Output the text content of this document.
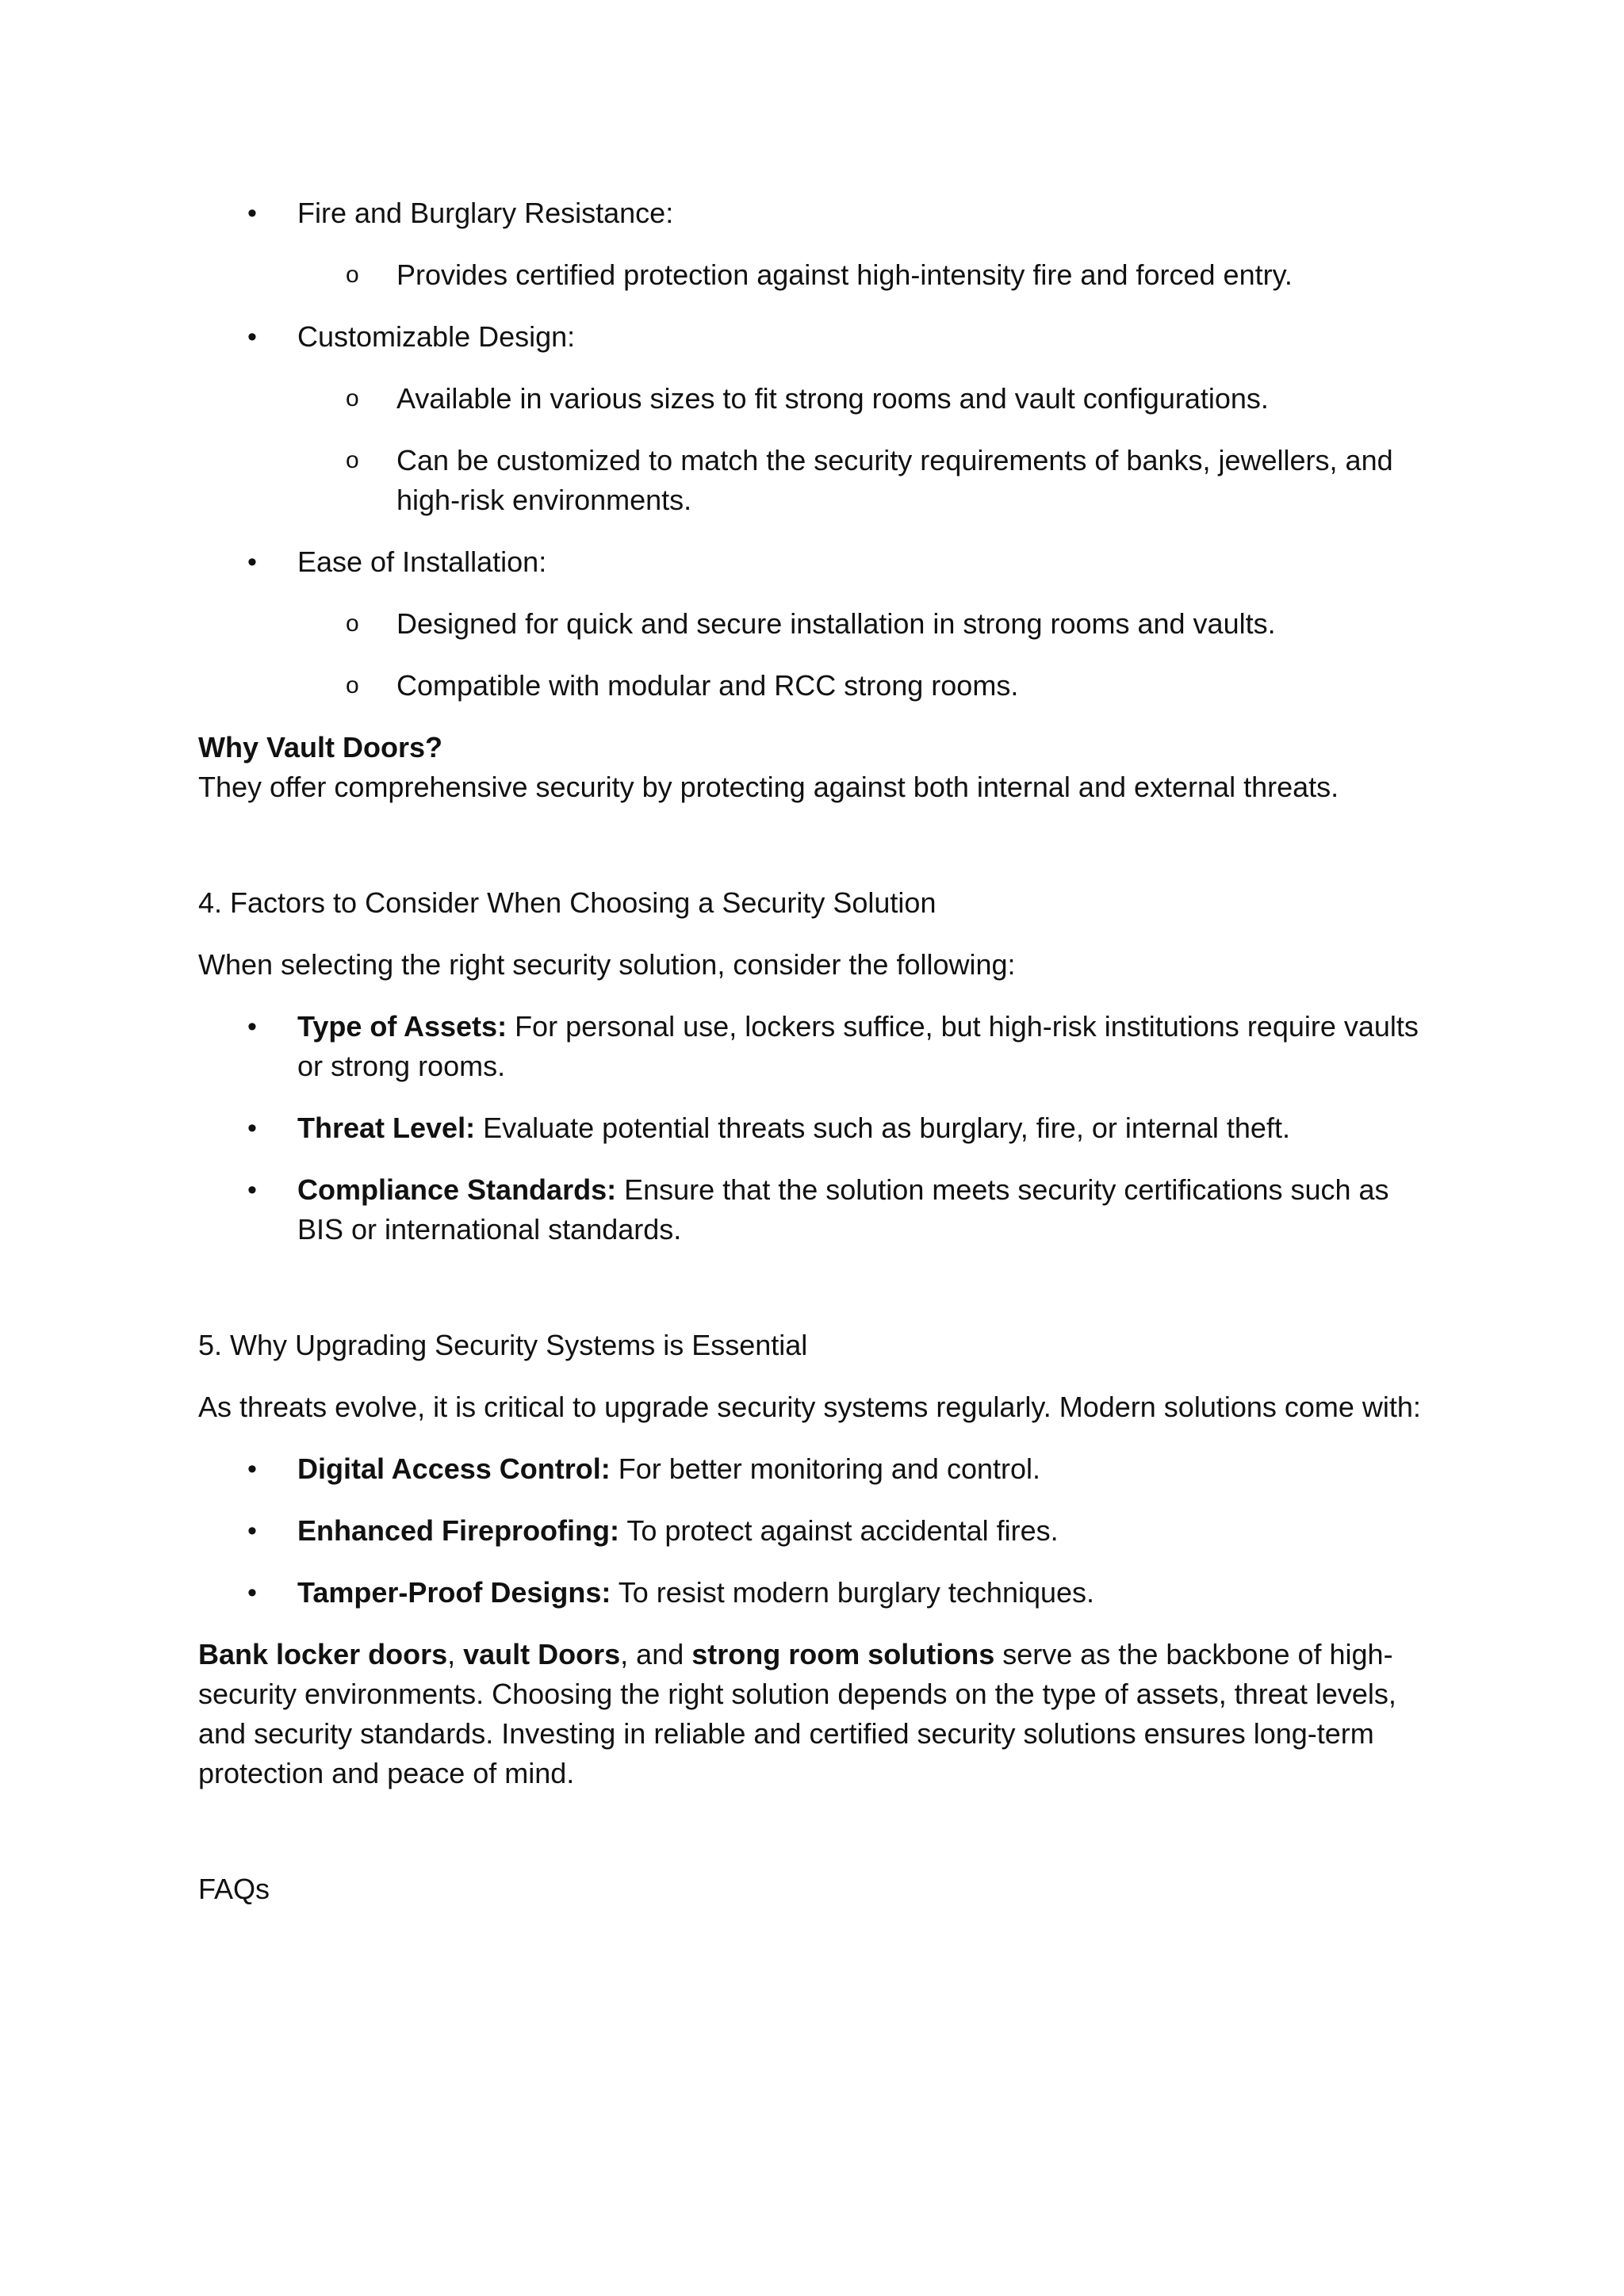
• Fire and Burglary Resistance:
o Provides certified protection against high-intensity fire and forced entry.
• Customizable Design:
o Available in various sizes to fit strong rooms and vault configurations.
o Can be customized to match the security requirements of banks, jewellers, and high-risk environments.
• Ease of Installation:
o Designed for quick and secure installation in strong rooms and vaults.
o Compatible with modular and RCC strong rooms.

Why Vault Doors?

They offer comprehensive security by protecting against both internal and external threats.

4. Factors to Consider When Choosing a Security Solution

When selecting the right security solution, consider the following:

• Type of Assets: For personal use, lockers suffice, but high-risk institutions require vaults or strong rooms.
• Threat Level: Evaluate potential threats such as burglary, fire, or internal theft.
• Compliance Standards: Ensure that the solution meets security certifications such as BIS or international standards.

5. Why Upgrading Security Systems is Essential

As threats evolve, it is critical to upgrade security systems regularly. Modern solutions come with:

• Digital Access Control: For better monitoring and control.
• Enhanced Fireproofing: To protect against accidental fires.
• Tamper-Proof Designs: To resist modern burglary techniques.

Bank locker doors, vault Doors, and strong room solutions serve as the backbone of high-security environments. Choosing the right solution depends on the type of assets, threat levels, and security standards. Investing in reliable and certified security solutions ensures long-term protection and peace of mind.

FAQs
